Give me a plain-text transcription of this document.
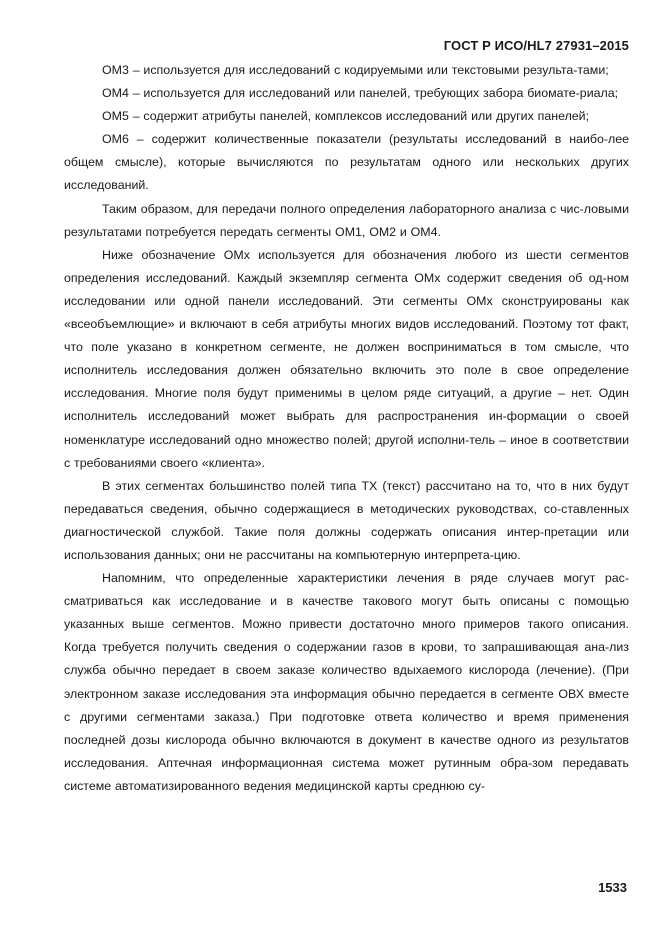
ГОСТ Р ИСО/HL7 27931–2015

ОМ3 – используется для исследований с кодируемыми или текстовыми результа-тами;

ОМ4 – используется для исследований или панелей, требующих забора биомате-риала;

ОМ5 – содержит атрибуты панелей, комплексов исследований или других панелей;

ОМ6 – содержит количественные показатели (результаты исследований в наибо-лее общем смысле), которые вычисляются по результатам одного или нескольких других исследований.

Таким образом, для передачи полного определения лабораторного анализа с чис-ловыми результатами потребуется передать сегменты ОМ1, ОМ2 и ОМ4.

Ниже обозначение ОМх используется для обозначения любого из шести сегментов определения исследований. Каждый экземпляр сегмента ОМх содержит сведения об од-ном исследовании или одной панели исследований. Эти сегменты ОМх сконструированы как «всеобъемлющие» и включают в себя атрибуты многих видов исследований. Поэтому тот факт, что поле указано в конкретном сегменте, не должен восприниматься в том смысле, что исполнитель исследования должен обязательно включить это поле в свое определение исследования. Многие поля будут применимы в целом ряде ситуаций, а другие – нет. Один исполнитель исследований может выбрать для распространения ин-формации о своей номенклатуре исследований одно множество полей; другой исполни-тель – иное в соответствии с требованиями своего «клиента».

В этих сегментах большинство полей типа ТХ (текст) рассчитано на то, что в них будут передаваться сведения, обычно содержащиеся в методических руководствах, со-ставленных диагностической службой. Такие поля должны содержать описания интер-претации или использования данных; они не рассчитаны на компьютерную интерпрета-цию.

Напомним, что определенные характеристики лечения в ряде случаев могут рас-сматриваться как исследование и в качестве такового могут быть описаны с помощью указанных выше сегментов. Можно привести достаточно много примеров такого описания. Когда требуется получить сведения о содержании газов в крови, то запрашивающая ана-лиз служба обычно передает в своем заказе количество вдыхаемого кислорода (лечение). (При электронном заказе исследования эта информация обычно передается в сегменте ОВХ вместе с другими сегментами заказа.) При подготовке ответа количество и время применения последней дозы кислорода обычно включаются в документ в качестве одного из результатов исследования. Аптечная информационная система может рутинным обра-зом передавать системе автоматизированного ведения медицинской карты среднюю су-

1533
